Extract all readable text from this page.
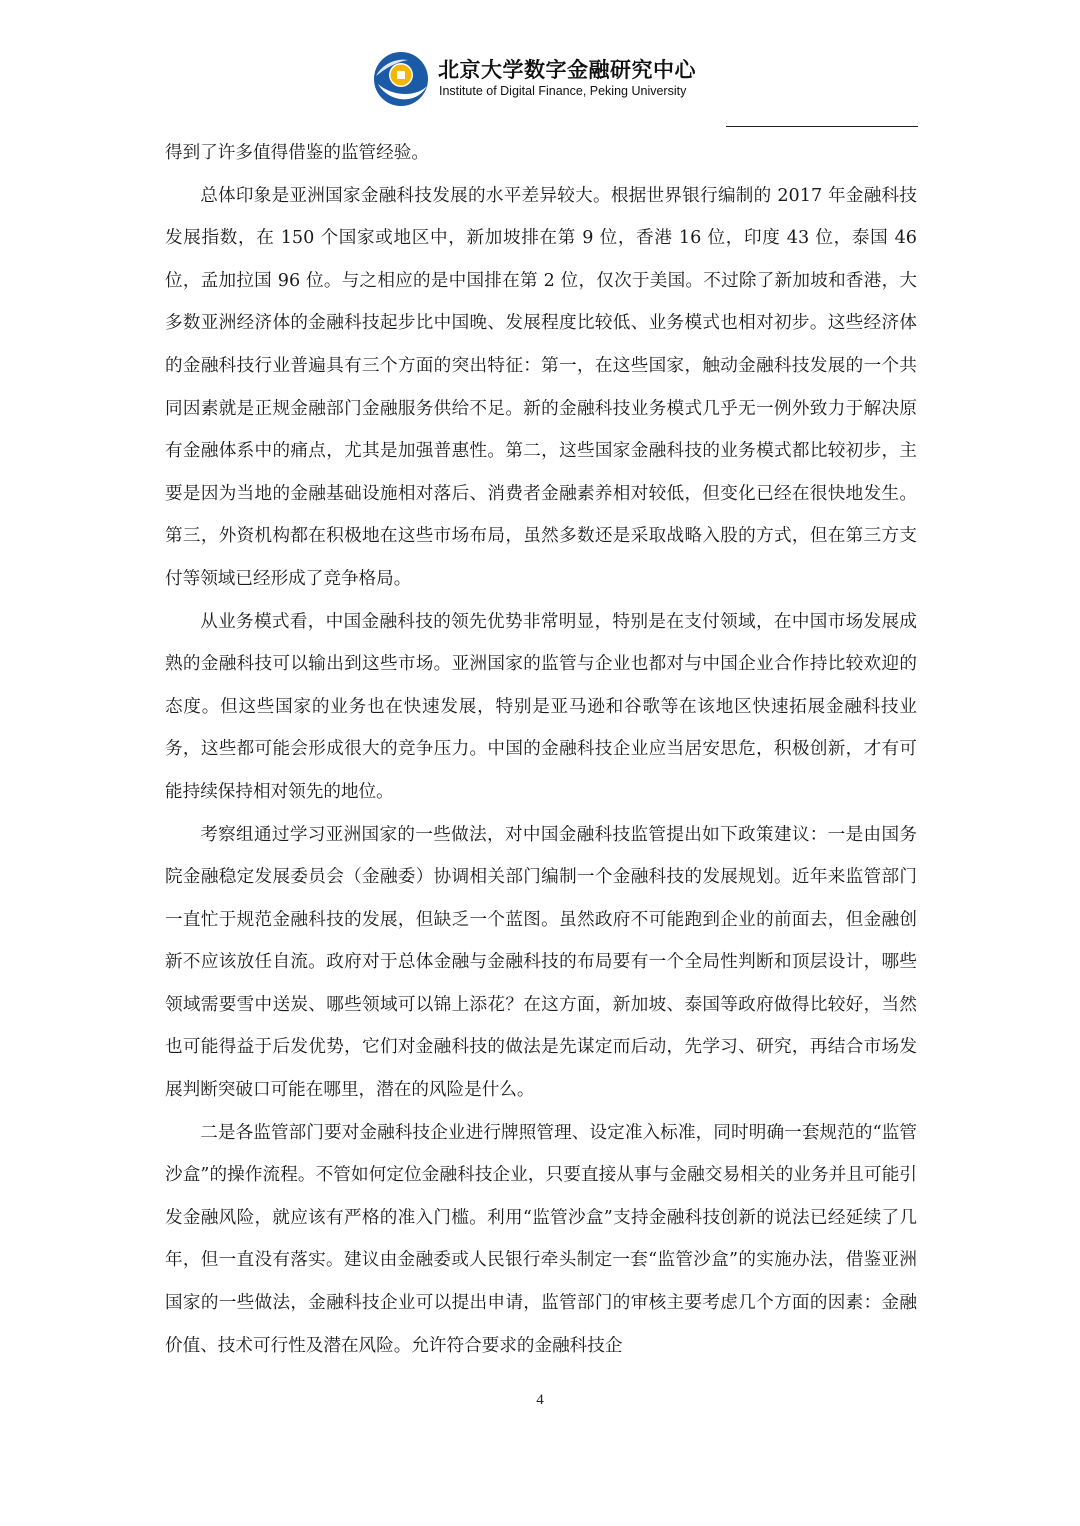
北京大学数字金融研究中心
Institute of Digital Finance, Peking University

得到了许多值得借鉴的监管经验。

总体印象是亚洲国家金融科技发展的水平差异较大。根据世界银行编制的 2017 年金融科技发展指数，在 150 个国家或地区中，新加坡排在第 9 位，香港 16 位，印度 43 位，泰国 46 位，孟加拉国 96 位。与之相应的是中国排在第 2 位，仅次于美国。不过除了新加坡和香港，大多数亚洲经济体的金融科技起步比中国晚、发展程度比较低、业务模式也相对初步。这些经济体的金融科技行业普遍具有三个方面的突出特征：第一，在这些国家，触动金融科技发展的一个共同因素就是正规金融部门金融服务供给不足。新的金融科技业务模式几乎无一例外致力于解决原有金融体系中的痛点，尤其是加强普惠性。第二，这些国家金融科技的业务模式都比较初步，主要是因为当地的金融基础设施相对落后、消费者金融素养相对较低，但变化已经在很快地发生。第三，外资机构都在积极地在这些市场布局，虽然多数还是采取战略入股的方式，但在第三方支付等领域已经形成了竞争格局。

从业务模式看，中国金融科技的领先优势非常明显，特别是在支付领域，在中国市场发展成熟的金融科技可以输出到这些市场。亚洲国家的监管与企业也都对与中国企业合作持比较欢迎的态度。但这些国家的业务也在快速发展，特别是亚马逊和谷歌等在该地区快速拓展金融科技业务，这些都可能会形成很大的竞争压力。中国的金融科技企业应当居安思危，积极创新，才有可能持续保持相对领先的地位。

考察组通过学习亚洲国家的一些做法，对中国金融科技监管提出如下政策建议：一是由国务院金融稳定发展委员会（金融委）协调相关部门编制一个金融科技的发展规划。近年来监管部门一直忙于规范金融科技的发展，但缺乏一个蓝图。虽然政府不可能跑到企业的前面去，但金融创新不应该放任自流。政府对于总体金融与金融科技的布局要有一个全局性判断和顶层设计，哪些领域需要雪中送炭、哪些领域可以锦上添花？在这方面，新加坡、泰国等政府做得比较好，当然也可能得益于后发优势，它们对金融科技的做法是先谋定而后动，先学习、研究，再结合市场发展判断突破口可能在哪里，潜在的风险是什么。

二是各监管部门要对金融科技企业进行牌照管理、设定准入标准，同时明确一套规范的“监管沙盒”的操作流程。不管如何定位金融科技企业，只要直接从事与金融交易相关的业务并且可能引发金融风险，就应该有严格的准入门槛。利用“监管沙盒”支持金融科技创新的说法已经延续了几年，但一直没有落实。建议由金融委或人民银行牵头制定一套“监管沙盒”的实施办法，借鉴亚洲国家的一些做法，金融科技企业可以提出申请，监管部门的审核主要考虑几个方面的因素：金融价值、技术可行性及潜在风险。允许符合要求的金融科技企

4
